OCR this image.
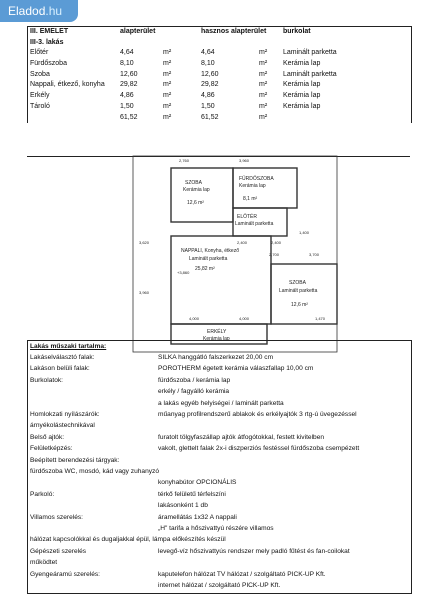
Eladod.hu
III. EMELET	alapterület	hasznos alapterület burkolat
III-3. lakás
Előtér	4,64	m²	4,64	m²	Laminált parketta
Fürdőszoba	8,10	m²	8,10	m²	Kerámia lap
Szoba	12,60	m²	12,60	m²	Laminált parketta
Nappali, étkező, konyha	29,82	m²	29,82	m²	Kerámia lap
Erkély	4,86	m²	4,86	m²	Kerámia lap
Tároló	1,50	m²	1,50	m²	Kerámia lap
61,52	m²	61,52	m²
SZOBA
Kerámia lap
12,6 m²
FÜRDŐSZOBA
Kerámia lap
8,1 m²
ELŐTÉR
Laminált parketta
NAPPALI, Konyha, étkező
Laminált parketta
25,82 m²
SZOBA
Laminált parketta
12,6 m²
ERKÉLY
Kerámia lap
2,760	3,960
1,400
2,400
+3,860
2,400
2,700	3,700
4,000	4,000	1,470
3,620
3,960
Lakás műszaki tartalma:
Lakáselválasztó falak:	SILKA hanggátló falszerkezet 20,00 cm
Lakáson belüli falak:	POROTHERM égetett kerámia válaszfallap 10,00 cm
Burkolatok:	fürdőszoba / kerámia lap
erkély / fagyálló kerámia
a lakás egyéb helyiségei / laminált parketta
Homlokzati nyílászárók:	műanyag profilrendszerű ablakok és erkélyajtók 3 rtg-ú üvegezéssel
árnyékolástechnikával
Belső ajtók:	furatolt tölgyfaszállap ajtók átfogótokkal, festett kivitelben
Felületképzés:	vakolt, glettelt falak 2x-i diszperziós festéssel fürdőszoba csempézett
Beépített berendezési tárgyak:
fürdőszoba WC, mosdó, kád vagy zuhanyzó
konyhabútor OPCIONÁLIS
Parkoló:	térkő felületű térfelszíni
lakásonként 1 db
Villamos szerelés:	áramellátás 1x32 A nappali
„H" tarifa a hőszivattyú részére villamos
hálózat kapcsolókkal és dugaljakkal épül, lámpa előkészítés készül
Gépészeti szerelés	levegő-víz hőszivattyús rendszer mely padló fűtést és fan-coilokat
működtet
Gyengeáramú szerelés:	kaputelefon hálózat TV hálózat / szolgáltató PICK-UP Kft.
internet hálózat / szolgáltató PICK-UP Kft.
